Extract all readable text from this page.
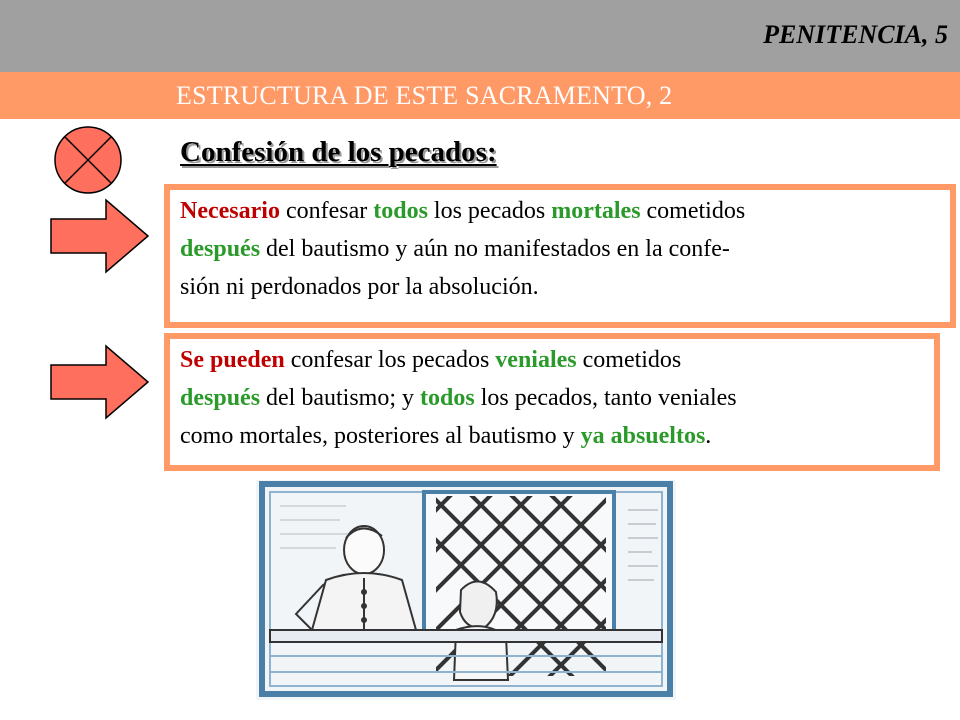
PENITENCIA, 5
ESTRUCTURA DE ESTE SACRAMENTO, 2
Confesión de los pecados:

Necesario confesar todos los pecados mortales cometidos

después del bautismo y aún no manifestados en la confe-

sión ni perdonados por la absolución.

Se pueden confesar los pecados veniales cometidos

después del bautismo; y todos los pecados, tanto veniales

como mortales, posteriores al bautismo y ya absueltos.
